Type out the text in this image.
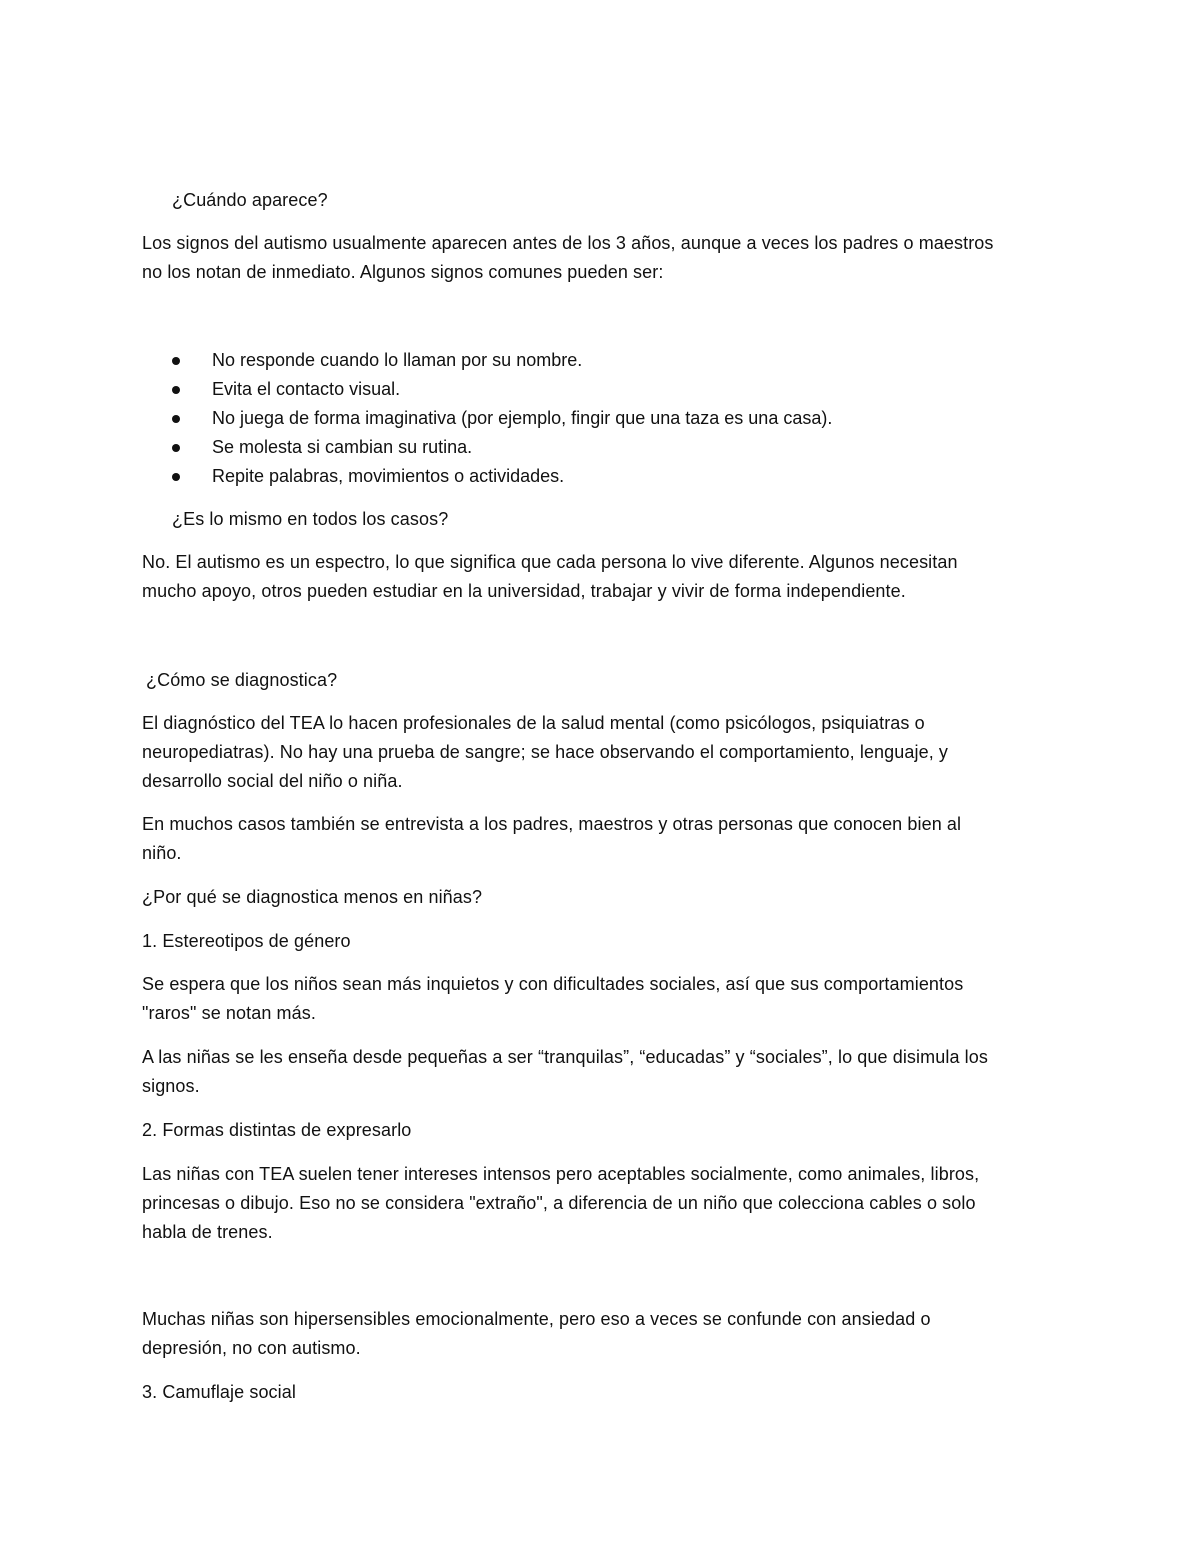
¿Cuándo aparece?
Los signos del autismo usualmente aparecen antes de los 3 años, aunque a veces los padres o maestros
no los notan de inmediato. Algunos signos comunes pueden ser:
No responde cuando lo llaman por su nombre.
Evita el contacto visual.
No juega de forma imaginativa (por ejemplo, fingir que una taza es una casa).
Se molesta si cambian su rutina.
Repite palabras, movimientos o actividades.
¿Es lo mismo en todos los casos?
No. El autismo es un espectro, lo que significa que cada persona lo vive diferente. Algunos necesitan
mucho apoyo, otros pueden estudiar en la universidad, trabajar y vivir de forma independiente.
¿Cómo se diagnostica?
El diagnóstico del TEA lo hacen profesionales de la salud mental (como psicólogos, psiquiatras o
neuropediatras). No hay una prueba de sangre; se hace observando el comportamiento, lenguaje, y
desarrollo social del niño o niña.
En muchos casos también se entrevista a los padres, maestros y otras personas que conocen bien al
niño.
¿Por qué se diagnostica menos en niñas?
1. Estereotipos de género
Se espera que los niños sean más inquietos y con dificultades sociales, así que sus comportamientos
"raros" se notan más.
A las niñas se les enseña desde pequeñas a ser “tranquilas”, “educadas” y “sociales”, lo que disimula los
signos.
2. Formas distintas de expresarlo
Las niñas con TEA suelen tener intereses intensos pero aceptables socialmente, como animales, libros,
princesas o dibujo. Eso no se considera "extraño", a diferencia de un niño que colecciona cables o solo
habla de trenes.
Muchas niñas son hipersensibles emocionalmente, pero eso a veces se confunde con ansiedad o
depresión, no con autismo.
3. Camuflaje social
